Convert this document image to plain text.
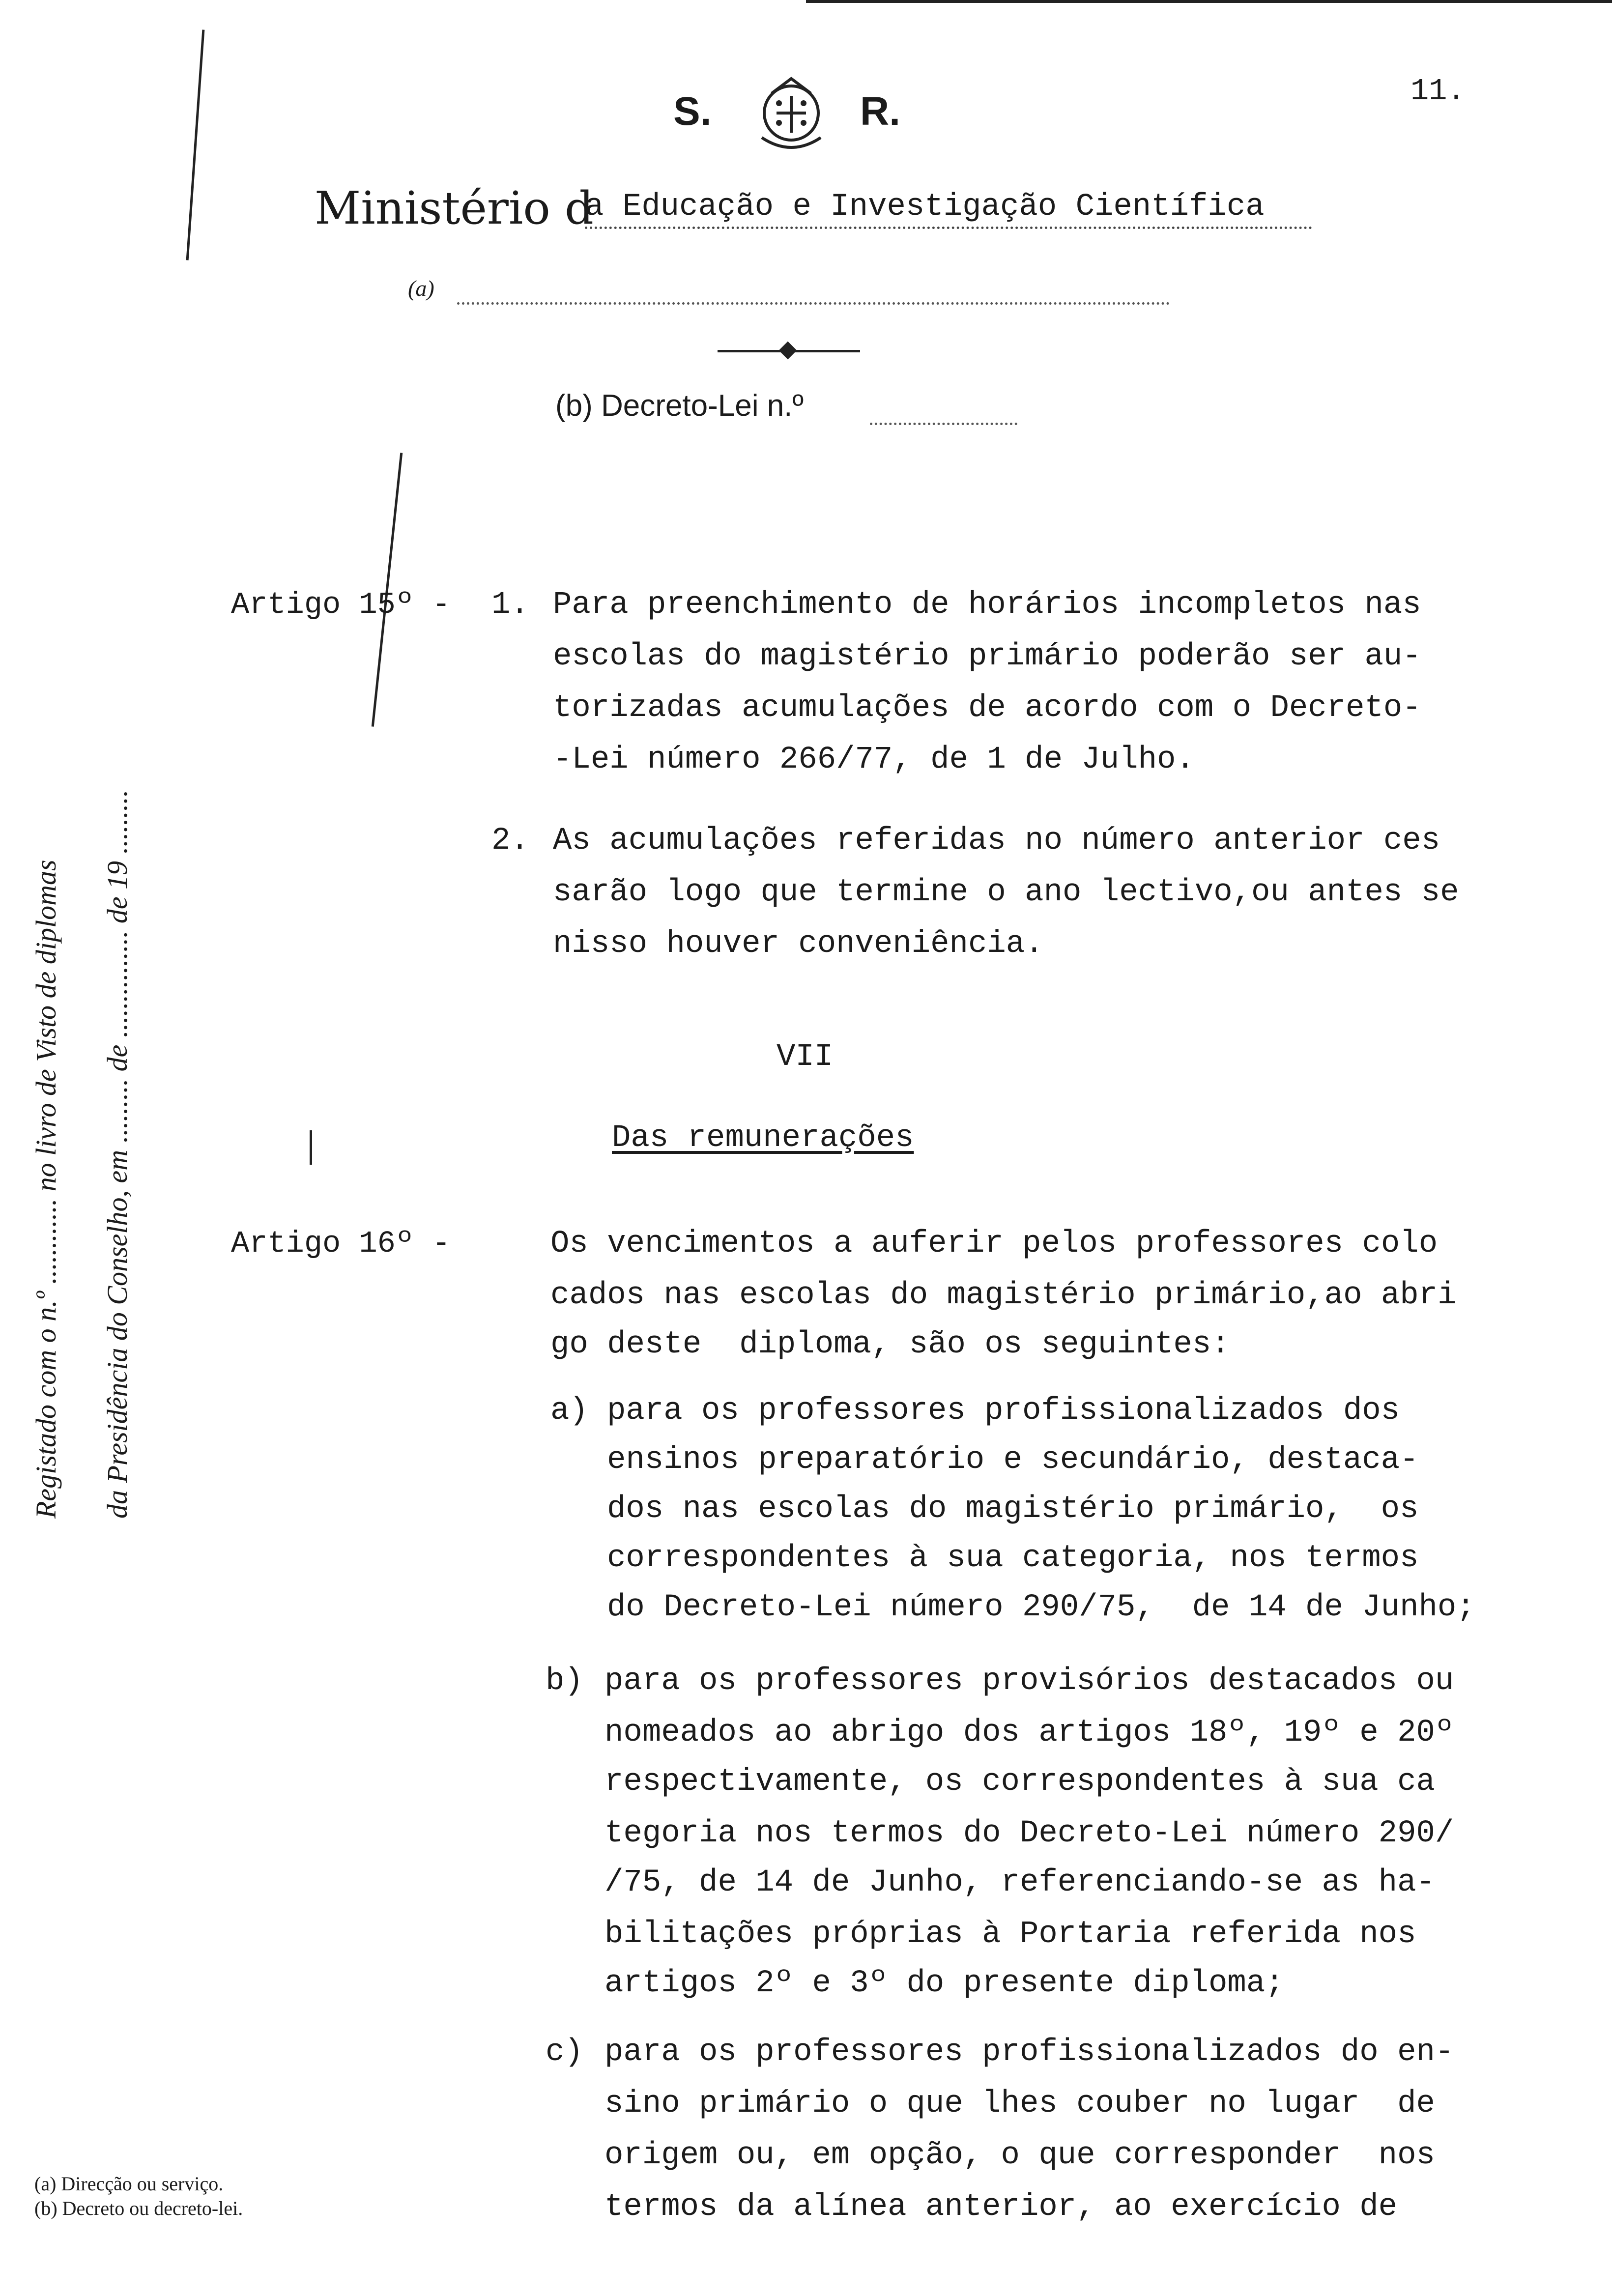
11.
S.	R.
Ministério d
a Educação e Investigação Científica
(a)
(b) Decreto-Lei n.º
Registado com o n.º ............ no livro de Visto de diplomas da Presidência do Conselho, em ......... de ............... de 19 .........
Artigo 15º - 1. Para preenchimento de horários incompletos nas
escolas do magistério primário poderão ser au-
torizadas acumulações de acordo com o Decreto-
-Lei número 266/77, de 1 de Julho.
2. As acumulações referidas no número anterior ces
sarão logo que termine o ano lectivo,ou antes se
nisso houver conveniência.
VII
Das remunerações
Artigo 16º -	Os vencimentos a auferir pelos professores colo
cados nas escolas do magistério primário,ao abri
go deste  diploma, são os seguintes:
a) para os professores profissionalizados dos
ensinos preparatório e secundário, destaca-
dos nas escolas do magistério primário,  os
correspondentes à sua categoria, nos termos
do Decreto-Lei número 290/75,  de 14 de Junho;
b) para os professores provisórios destacados ou
nomeados ao abrigo dos artigos 18º, 19º e 20º
respectivamente, os correspondentes à sua ca
tegoria nos termos do Decreto-Lei número 290/
/75, de 14 de Junho, referenciando-se as ha-
bilitações próprias à Portaria referida nos
artigos 2º e 3º do presente diploma;
c) para os professores profissionalizados do en-
sino primário o que lhes couber no lugar  de
origem ou, em opção, o que corresponder  nos
termos da alínea anterior, ao exercício de
(a) Direcção ou serviço.
(b) Decreto ou decreto-lei.
